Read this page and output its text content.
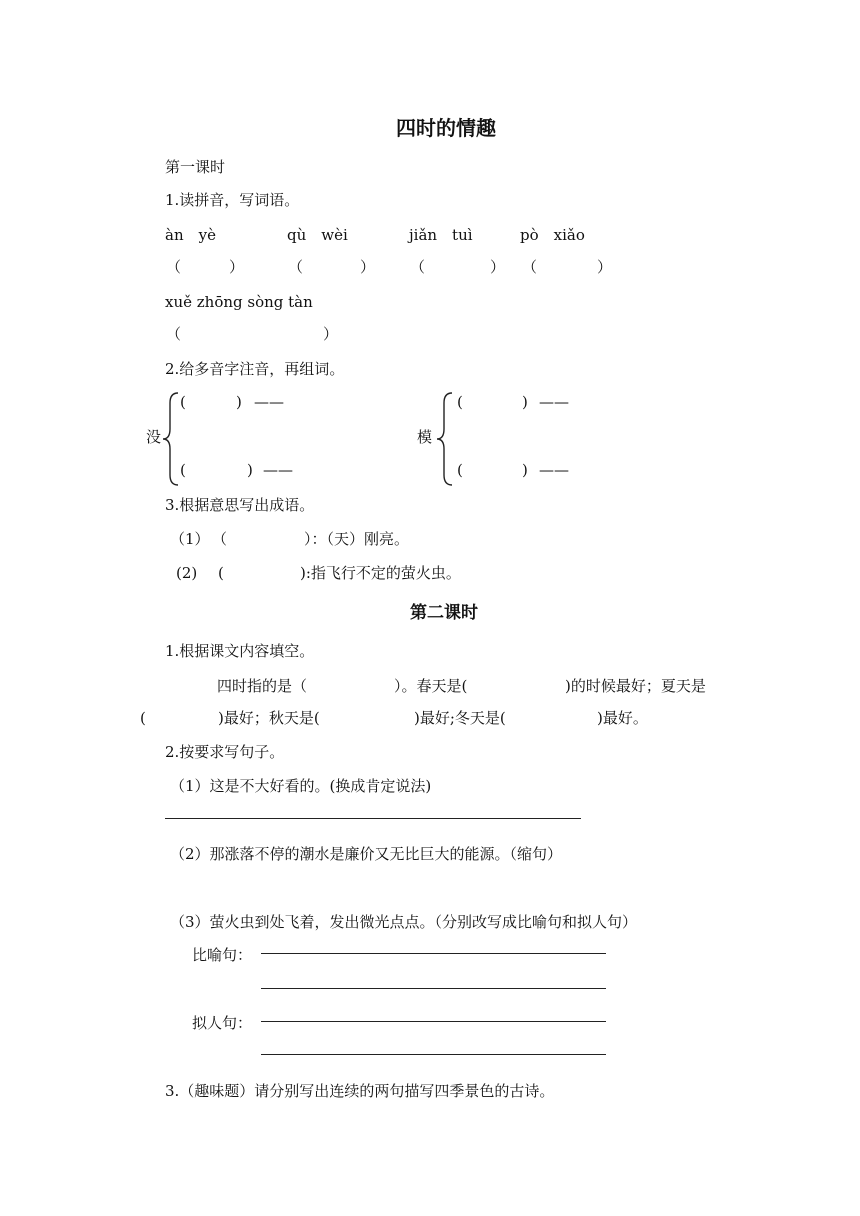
四时的情趣
第一课时
1.读拼音，写词语。
àn　yè	qù　wèi	jiǎn　tuì	pò　xiǎo
（	）	（	） （	） （	）
xuě zhōng sòng tàn
（	）
2.给多音字注音，再组词。
没
(	) ——
(	) ——
模
(	) ——
(	) ——
3.根据意思写出成语。
（1） （	）：（天）刚亮。
(2) (	):指飞行不定的萤火虫。
第二课时
1.根据课文内容填空。
四时指的是（	）。春天是(	)的时候最好；夏天是
(	)最好；秋天是(	)最好;冬天是(	)最好。
2.按要求写句子。
（1）这是不大好看的。(换成肯定说法)
（2）那涨落不停的潮水是廉价又无比巨大的能源。（缩句）
（3）萤火虫到处飞着，发出微光点点。（分别改写成比喻句和拟人句）
比喻句：
拟人句：
3.（趣味题）请分别写出连续的两句描写四季景色的古诗。
